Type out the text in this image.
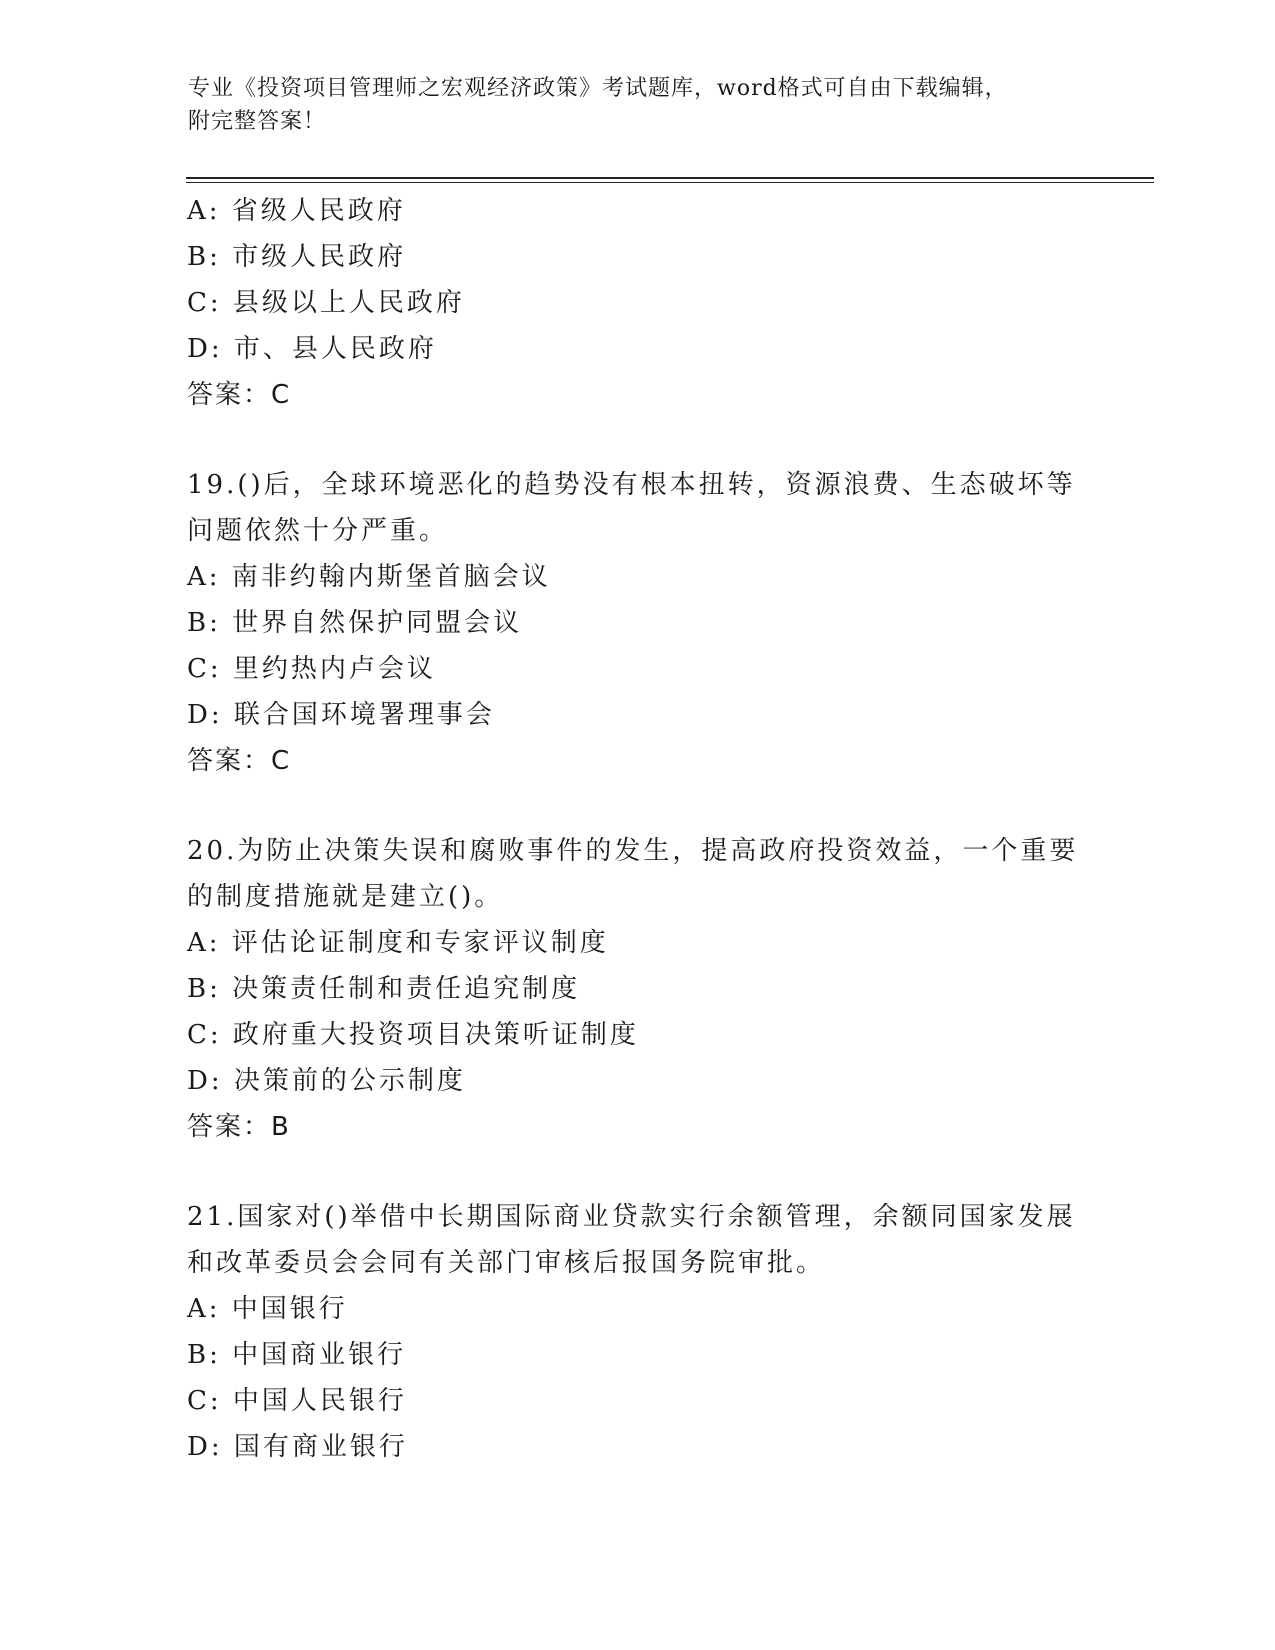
专业《投资项目管理师之宏观经济政策》考试题库，word格式可自由下载编辑，
附完整答案！
A: 省级人民政府
B: 市级人民政府
C: 县级以上人民政府
D: 市、县人民政府
答案：C
19.()后，全球环境恶化的趋势没有根本扭转，资源浪费、生态破坏等
问题依然十分严重。
A: 南非约翰内斯堡首脑会议
B: 世界自然保护同盟会议
C: 里约热内卢会议
D: 联合国环境署理事会
答案：C
20.为防止决策失误和腐败事件的发生，提高政府投资效益，一个重要
的制度措施就是建立()。
A: 评估论证制度和专家评议制度
B: 决策责任制和责任追究制度
C: 政府重大投资项目决策听证制度
D: 决策前的公示制度
答案：B
21.国家对()举借中长期国际商业贷款实行余额管理，余额同国家发展
和改革委员会会同有关部门审核后报国务院审批。
A: 中国银行
B: 中国商业银行
C: 中国人民银行
D: 国有商业银行
